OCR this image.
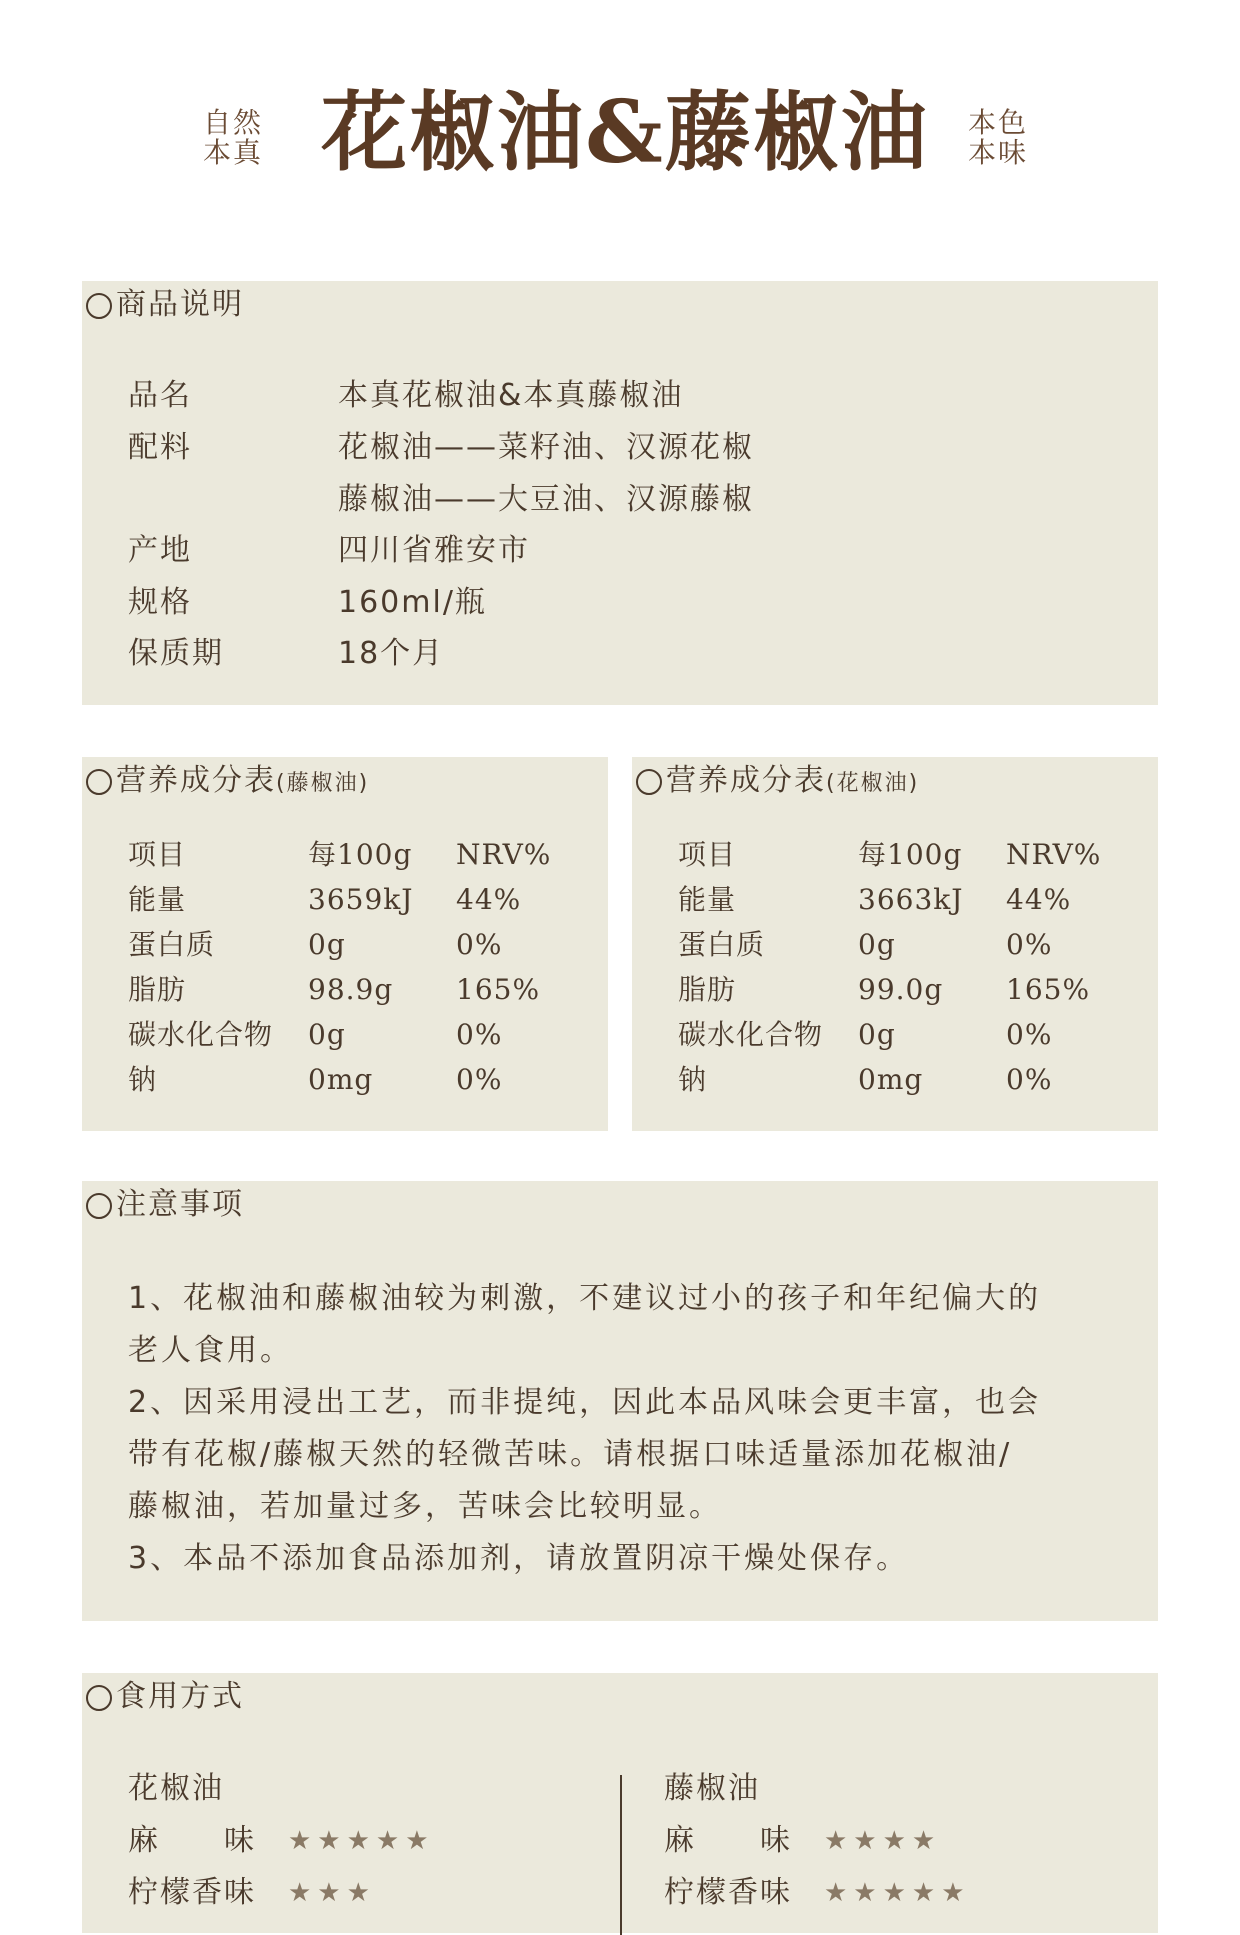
自然
本真 花椒油&藤椒油	本色
本味
商品说明
品名	本真花椒油&本真藤椒油
配料	花椒油——菜籽油、汉源花椒
藤椒油——大豆油、汉源藤椒
产地	四川省雅安市
规格	160ml/瓶
保质期	18个月
营养成分表(藤椒油)
项目	每100g NRV%
能量	3659kJ 44%
蛋白质	0g	0%
脂肪	98.9g 165%
碳水化合物 0g	0%
钠	0mg	0%
营养成分表(花椒油)
项目	每100g NRV%
能量	3663kJ 44%
蛋白质	0g	0%
脂肪	99.0g 165%
碳水化合物 0g	0%
钠	0mg	0%
注意事项
1、花椒油和藤椒油较为刺激，不建议过小的孩子和年纪偏大的
老人食用。
2、因采用浸出工艺，而非提纯，因此本品风味会更丰富，也会
带有花椒/藤椒天然的轻微苦味。请根据口味适量添加花椒油/
藤椒油，若加量过多，苦味会比较明显。
3、本品不添加食品添加剂，请放置阴凉干燥处保存。
食用方式
花椒油
麻　　味 ★★★★★
柠檬香味 ★★★
藤椒油
麻　　味 ★★★★
柠檬香味 ★★★★★
